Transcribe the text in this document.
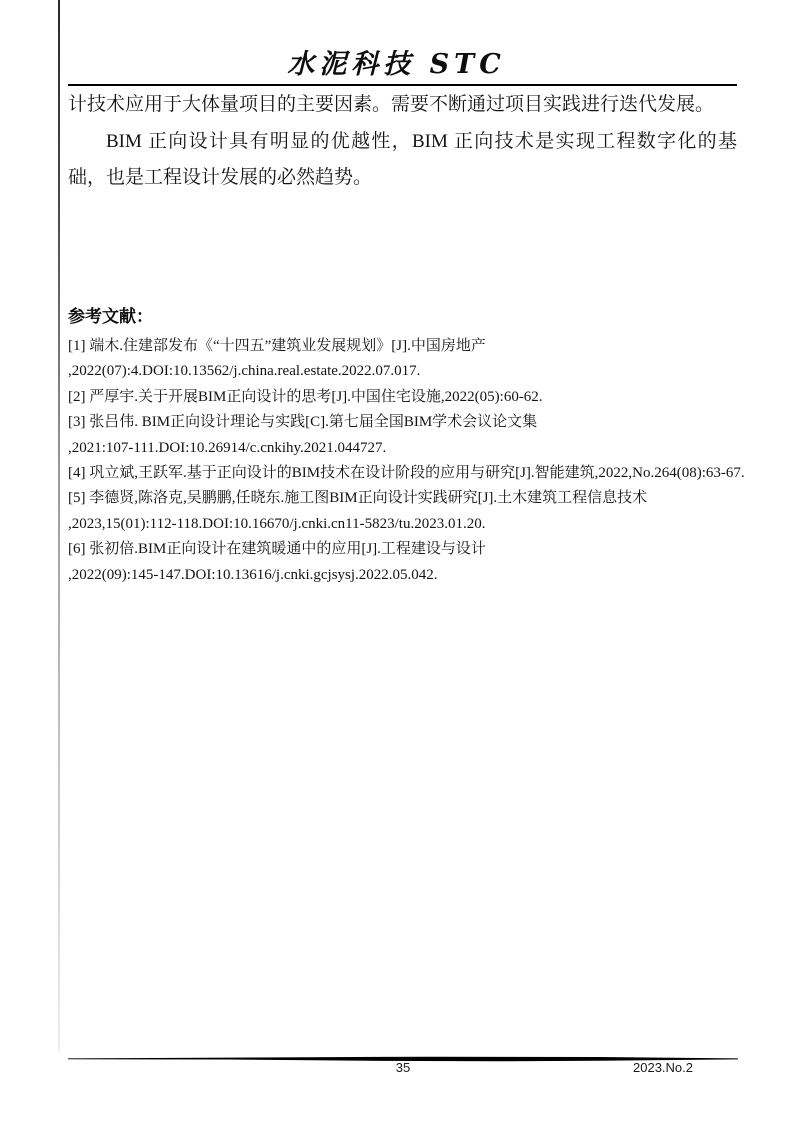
水泥科技 STC

计技术应用于大体量项目的主要因素。需要不断通过项目实践进行迭代发展。

BIM 正向设计具有明显的优越性，BIM 正向技术是实现工程数字化的基础，也是工程设计发展的必然趋势。

参考文献：
[1] 端木.住建部发布《“十四五”建筑业发展规划》[J].中国房地产
,2022(07):4.DOI:10.13562/j.china.real.estate.2022.07.017.
[2] 严厚宇.关于开展BIM正向设计的思考[J].中国住宅设施,2022(05):60-62.
[3] 张吕伟. BIM正向设计理论与实践[C].第七届全国BIM学术会议论文集
,2021:107-111.DOI:10.26914/c.cnkihy.2021.044727.
[4] 巩立斌,王跃军.基于正向设计的BIM技术在设计阶段的应用与研究[J].智能建筑,2022,No.264(08):63-67.
[5] 李德贤,陈洛克,吴鹏鹏,任晓东.施工图BIM正向设计实践研究[J].土木建筑工程信息技术
,2023,15(01):112-118.DOI:10.16670/j.cnki.cn11-5823/tu.2023.01.20.
[6] 张初倍.BIM正向设计在建筑暖通中的应用[J].工程建设与设计
,2022(09):145-147.DOI:10.13616/j.cnki.gcjsysj.2022.05.042.
35	2023.No.2
